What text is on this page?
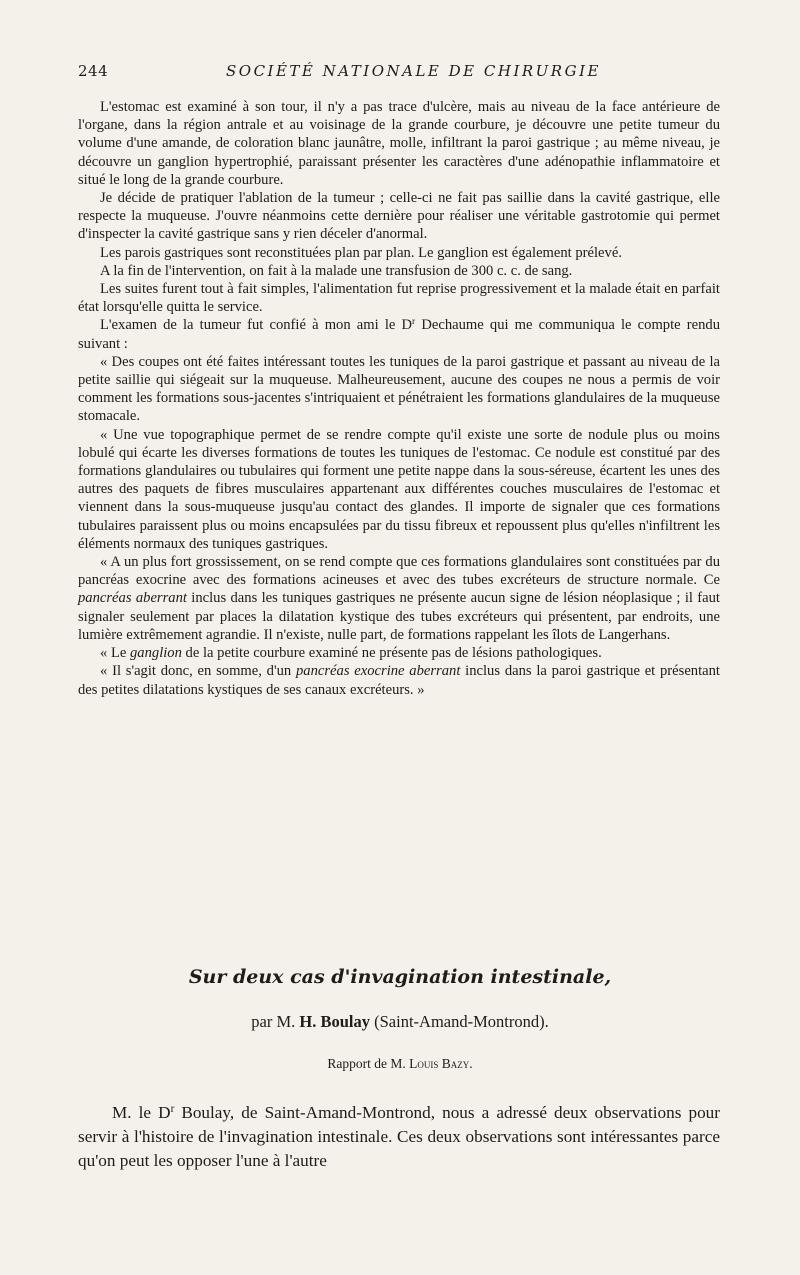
244	SOCIÉTÉ NATIONALE DE CHIRURGIE

L'estomac est examiné à son tour, il n'y a pas trace d'ulcère, mais au niveau de la face antérieure de l'organe, dans la région antrale et au voisinage de la grande courbure, je découvre une petite tumeur du volume d'une amande, de coloration blanc jaunâtre, molle, infiltrant la paroi gastrique ; au même niveau, je découvre un ganglion hypertrophié, paraissant présenter les caractères d'une adénopathie inflammatoire et situé le long de la grande courbure.

Je décide de pratiquer l'ablation de la tumeur ; celle-ci ne fait pas saillie dans la cavité gastrique, elle respecte la muqueuse. J'ouvre néanmoins cette dernière pour réaliser une véritable gastrotomie qui permet d'inspecter la cavité gastrique sans y rien déceler d'anormal.

Les parois gastriques sont reconstituées plan par plan. Le ganglion est également prélevé.

A la fin de l'intervention, on fait à la malade une transfusion de 300 c. c. de sang.

Les suites furent tout à fait simples, l'alimentation fut reprise progressivement et la malade était en parfait état lorsqu'elle quitta le service.

L'examen de la tumeur fut confié à mon ami le $D^r$ Dechaume qui me communiqua le compte rendu suivant :

« Des coupes ont été faites intéressant toutes les tuniques de la paroi gastrique et passant au niveau de la petite saillie qui siégeait sur la muqueuse. Malheureusement, aucune des coupes ne nous a permis de voir comment les formations sous-jacentes s'intriquaient et pénétraient les formations glandulaires de la muqueuse stomacale.

« Une vue topographique permet de se rendre compte qu'il existe une sorte de nodule plus ou moins lobulé qui écarte les diverses formations de toutes les tuniques de l'estomac. Ce nodule est constitué par des formations glandulaires ou tubulaires qui forment une petite nappe dans la sous-séreuse, écartent les unes des autres des paquets de fibres musculaires appartenant aux différentes couches musculaires de l'estomac et viennent dans la sous-muqueuse jusqu'au contact des glandes. Il importe de signaler que ces formations tubulaires paraissent plus ou moins encapsulées par du tissu fibreux et repoussent plus qu'elles n'infiltrent les éléments normaux des tuniques gastriques.

« A un plus fort grossissement, on se rend compte que ces formations glandulaires sont constituées par du pancréas exocrine avec des formations acineuses et avec des tubes excréteurs de structure normale. Ce pancréas aberrant inclus dans les tuniques gastriques ne présente aucun signe de lésion néoplasique ; il faut signaler seulement par places la dilatation kystique des tubes excréteurs qui présentent, par endroits, une lumière extrêmement agrandie. Il n'existe, nulle part, de formations rappelant les îlots de Langerhans.

« Le ganglion de la petite courbure examiné ne présente pas de lésions pathologiques.

« Il s'agit donc, en somme, d'un pancréas exocrine aberrant inclus dans la paroi gastrique et présentant des petites dilatations kystiques de ses canaux excréteurs. »

Sur deux cas d'invagination intestinale,
par M. H. Boulay (Saint-Amand-Montrond).
Rapport de M. Louis Bazy.

M. le $D^r$ Boulay, de Saint-Amand-Montrond, nous a adressé deux observations pour servir à l'histoire de l'invagination intestinale. Ces deux observations sont intéressantes parce qu'on peut les opposer l'une à l'autre
